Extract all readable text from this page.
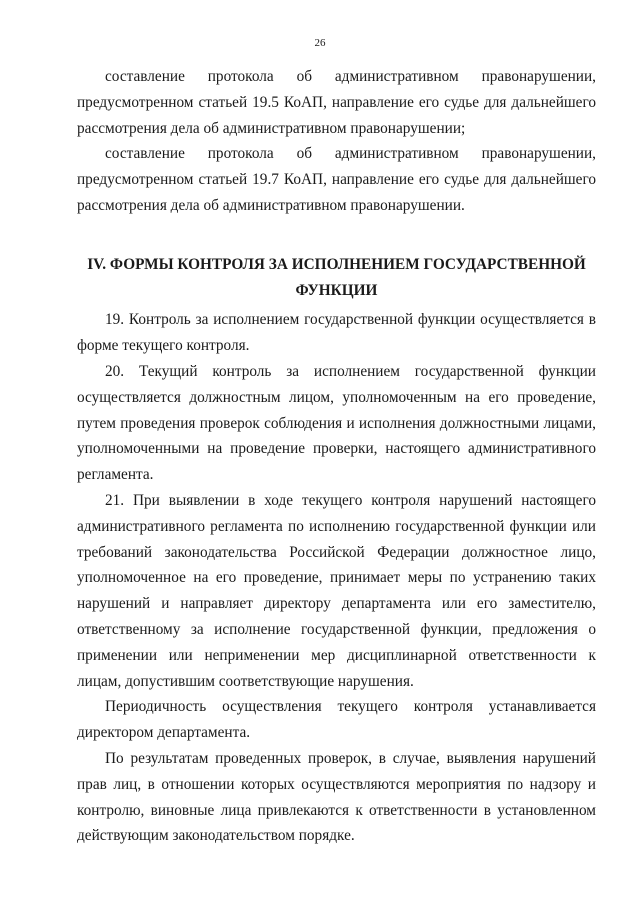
26

составление протокола об административном правонарушении, предусмотренном статьей 19.5 КоАП, направление его судье для дальнейшего рассмотрения дела об административном правонарушении;

составление протокола об административном правонарушении, предусмотренном статьей 19.7 КоАП, направление его судье для дальнейшего рассмотрения дела об административном правонарушении.

IV. ФОРМЫ КОНТРОЛЯ ЗА ИСПОЛНЕНИЕМ ГОСУДАРСТВЕННОЙ ФУНКЦИИ

19. Контроль за исполнением государственной функции осуществляется в форме текущего контроля.

20. Текущий контроль за исполнением государственной функции осуществляется должностным лицом, уполномоченным на его проведение, путем проведения проверок соблюдения и исполнения должностными лицами, уполномоченными на проведение проверки, настоящего административного регламента.

21. При выявлении в ходе текущего контроля нарушений настоящего административного регламента по исполнению государственной функции или требований законодательства Российской Федерации должностное лицо, уполномоченное на его проведение, принимает меры по устранению таких нарушений и направляет директору департамента или его заместителю, ответственному за исполнение государственной функции, предложения о применении или неприменении мер дисциплинарной ответственности к лицам, допустившим соответствующие нарушения.

Периодичность осуществления текущего контроля устанавливается директором департамента.

По результатам проведенных проверок, в случае, выявления нарушений прав лиц, в отношении которых осуществляются мероприятия по надзору и контролю, виновные лица привлекаются к ответственности в установленном действующим законодательством порядке.
